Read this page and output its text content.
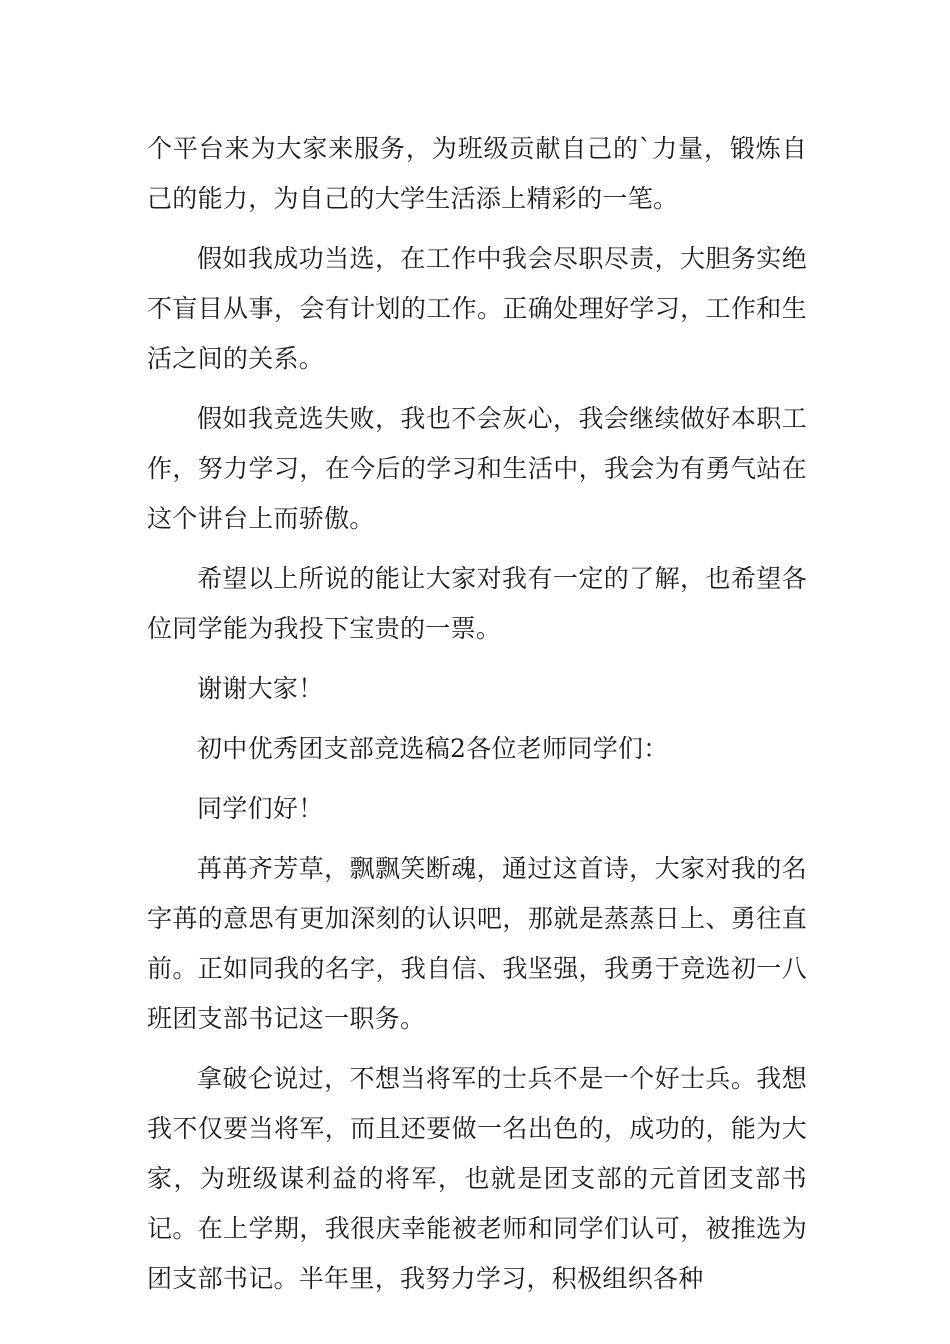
个平台来为大家来服务，为班级贡献自己的`力量，锻炼自己的能力，为自己的大学生活添上精彩的一笔。

假如我成功当选，在工作中我会尽职尽责，大胆务实绝不盲目从事，会有计划的工作。正确处理好学习，工作和生活之间的关系。

假如我竞选失败，我也不会灰心，我会继续做好本职工作，努力学习，在今后的学习和生活中，我会为有勇气站在这个讲台上而骄傲。

希望以上所说的能让大家对我有一定的了解，也希望各位同学能为我投下宝贵的一票。

谢谢大家！

初中优秀团支部竞选稿2各位老师同学们：

同学们好！

苒苒齐芳草，飘飘笑断魂，通过这首诗，大家对我的名字苒的意思有更加深刻的认识吧，那就是蒸蒸日上、勇往直前。正如同我的名字，我自信、我坚强，我勇于竞选初一八班团支部书记这一职务。

拿破仑说过，不想当将军的士兵不是一个好士兵。我想我不仅要当将军，而且还要做一名出色的，成功的，能为大家，为班级谋利益的将军，也就是团支部的元首团支部书记。在上学期，我很庆幸能被老师和同学们认可，被推选为团支部书记。半年里，我努力学习，积极组织各种
